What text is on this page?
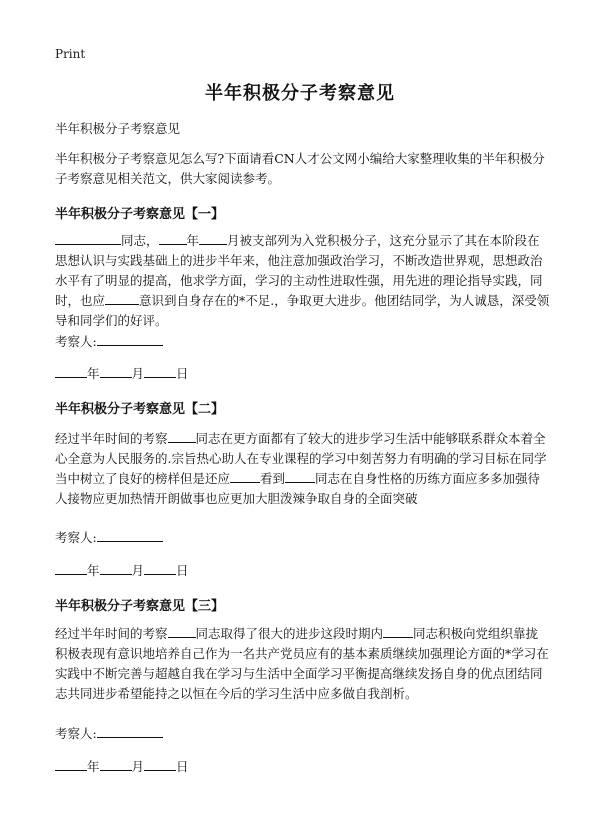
Print
半年积极分子考察意见

半年积极分子考察意见

半年积极分子考察意见怎么写?下面请看CN人才公文网小编给大家整理收集的半年积极分子考察意见相关范文，供大家阅读参考。

半年积极分子考察意见【一】

同志， 年 月被支部列为入党积极分子，这充分显示了其在本阶段在思想认识与实践基础上的进步半年来，他注意加强政治学习，不断改造世界观，思想政治水平有了明显的提高，他求学方面，学习的主动性进取性强，用先进的理论指导实践，同时，也应	意识到自身存在的*不足.，争取更大进步。他团结同学，为人诚恳，深受领导和同学们的好评。

考察人:
年	月	日
半年积极分子考察意见【二】

经过半年时间的考察 同志在更方面都有了较大的进步学习生活中能够联系群众本着全心全意为人民服务的.宗旨热心助人在专业课程的学习中刻苦努力有明确的学习目标在同学当中树立了良好的榜样但是还应 看到 同志在自身性格的历练方面应多多加强待人接物应更加热情开朗做事也应更加大胆泼辣争取自身的全面突破

考察人:
年	月	日
半年积极分子考察意见【三】

经过半年时间的考察 同志取得了很大的进步这段时期内 同志积极向党组织靠拢积极表现有意识地培养自己作为一名共产党员应有的基本素质继续加强理论方面的*学习在实践中不断完善与超越自我在学习与生活中全面学习平衡提高继续发扬自身的优点团结同志共同进步希望能持之以恒在今后的学习生活中应多做自我剖析。

考察人:
年	月	日
